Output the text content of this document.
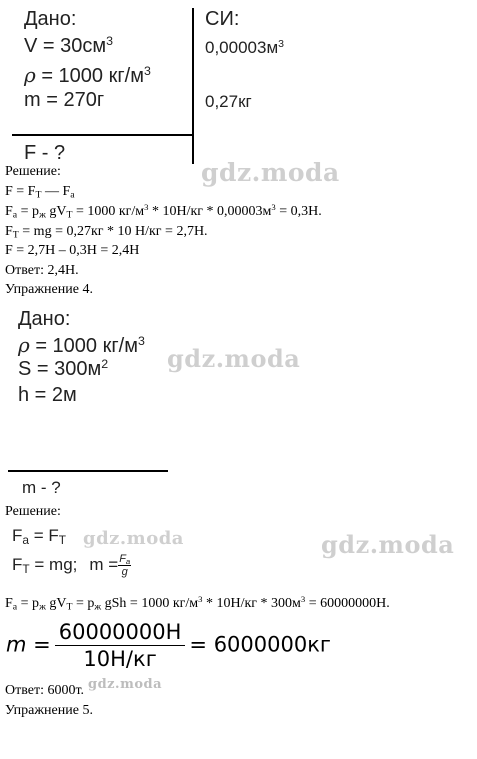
Дано:
$V = 30см^3$
ρ = 1000 $кг/м^3$
m = 270г
СИ:
$0,00003м^3$
0,27кг
F - ?
gdz.moda
Решение:
$F = F_T$ — $F_a$
$F_a = p_ж$ $gV_T = 1000$ $кг/м^3 * 10Н/кг * 0,00003м^3 = 0,3Н$.
$F_T$ = mg = 0,27кг * 10 Н/кг = 2,7Н.
F = 2,7Н – 0,3Н = 2,4Н
Ответ: 2,4Н.
Упражнение 4.
Дано:
ρ = 1000 $кг/м^3$
$S = 300м^2$
h = 2м
gdz.moda
m - ?
Решение:
$F_a = F_T$ gdz.moda	gdz.moda
$F_T$ = mg; $m = \frac{F_a}{g}$
$F_a = p_ж$ $gV_T = p_ж$ gSh = 1000 $кг/м^3 * 10Н/кг * 300м^3 = 60000000Н$.
m =
60000000H
10H/кг
= 6000000кг
Ответ: 6000т. gdz.moda
Упражнение 5.
